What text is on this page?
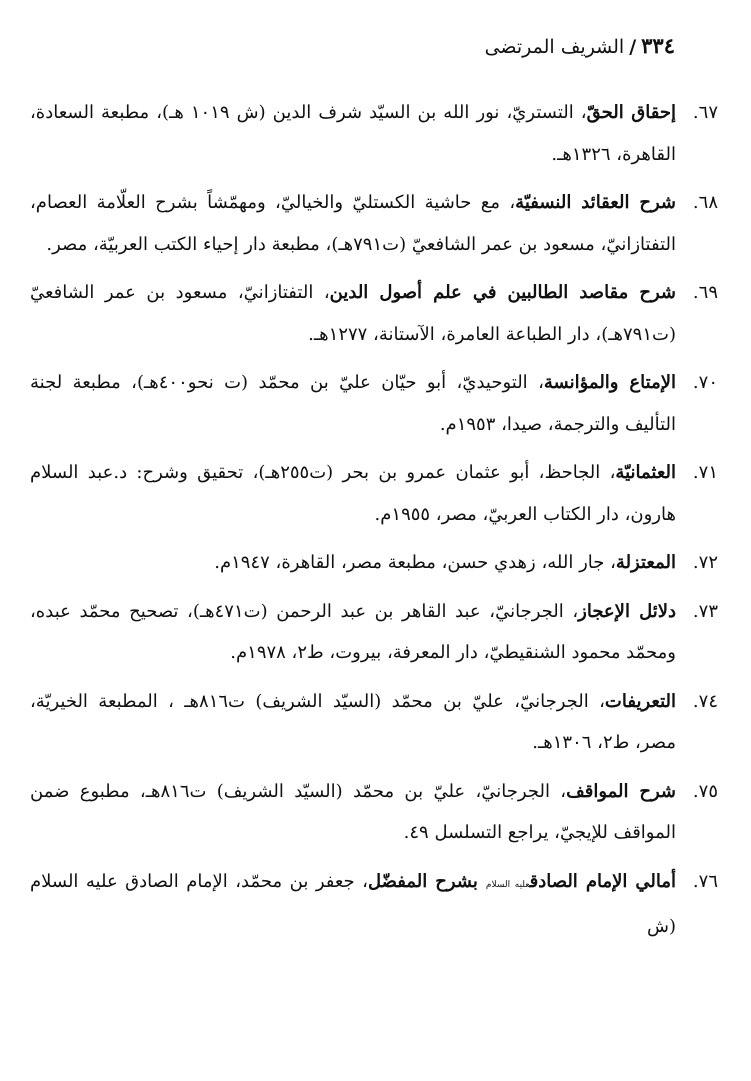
٣٣٤/الشريف المرتضى
٦٧.
إحقاق الحقّ، التستريّ، نور الله بن السيّد شرف الدين (ش ١٠١٩ هـ)، مطبعة السعادة، القاهرة، ١٣٢٦هـ.
٦٨.
شرح العقائد النسفيّة، مع حاشية الكستليّ والخياليّ، ومهمّشاً بشرح العلّامة العصام، التفتازانيّ، مسعود بن عمر الشافعيّ (ت٧٩١هـ)، مطبعة دار إحياء الكتب العربيّة، مصر.
٦٩.
شرح مقاصد الطالبين في علم أصول الدين، التفتازانيّ، مسعود بن عمر الشافعيّ (ت٧٩١هـ)، دار الطباعة العامرة، الآستانة، ١٢٧٧هـ.
٧٠.
الإمتاع والمؤانسة، التوحيديّ، أبو حيّان عليّ بن محمّد (ت نحو٤٠٠هـ)، مطبعة لجنة التأليف والترجمة، صيدا، ١٩٥٣م.
٧١.
العثمانيّة، الجاحظ، أبو عثمان عمرو بن بحر (ت٢٥٥هـ)، تحقيق وشرح: د.عبد السلام هارون، دار الكتاب العربيّ، مصر، ١٩٥٥م.
٧٢.
المعتزلة، جار الله، زهدي حسن، مطبعة مصر، القاهرة، ١٩٤٧م.
٧٣.
دلائل الإعجاز، الجرجانيّ، عبد القاهر بن عبد الرحمن (ت٤٧١هـ)، تصحيح محمّد عبده، ومحمّد محمود الشنقيطيّ، دار المعرفة، بيروت، ط٢، ١٩٧٨م.
٧٤.
التعريفات، الجرجانيّ، عليّ بن محمّد (السيّد الشريف) ت٨١٦هـ ، المطبعة الخيريّة، مصر، ط٢، ١٣٠٦هـ.
٧٥.
شرح المواقف، الجرجانيّ، عليّ بن محمّد (السيّد الشريف) ت٨١٦هـ، مطبوع ضمن المواقف للإيجيّ، يراجع التسلسل ٤٩.
٧٦.
أمالي الإمام الصادقعليه السلام بشرح المفضّل، جعفر بن محمّد، الإمام الصادق عليه السلام (ش
